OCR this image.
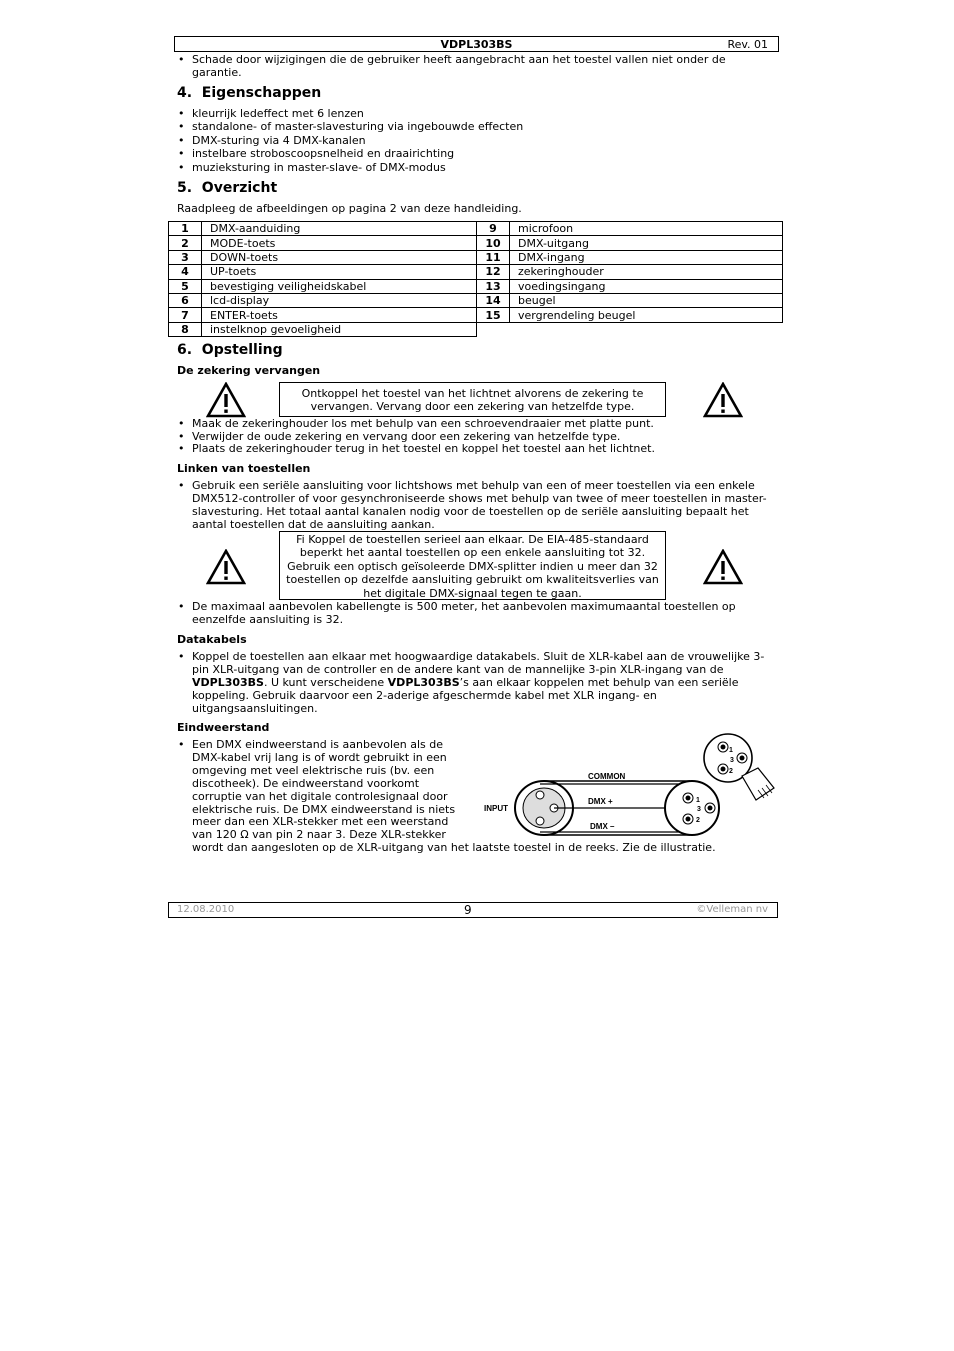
VDPL303BS	Rev. 01
• Schade door wijzigingen die de gebruiker heeft aangebracht aan het toestel vallen niet onder de garantie.
4.  Eigenschappen
• kleurrijk ledeffect met 6 lenzen
• standalone- of master-slavesturing via ingebouwde effecten
• DMX-sturing via 4 DMX-kanalen
• instelbare stroboscoopsnelheid en draairichting
• muzieksturing in master-slave- of DMX-modus
5.  Overzicht
Raadpleeg de afbeeldingen op pagina 2 van deze handleiding.
1	DMX-aanduiding
2	MODE-toets
3	DOWN-toets
4	UP-toets
5	bevestiging veiligheidskabel
6	lcd-display
7	ENTER-toets
8	instelknop gevoeligheid
9	microfoon
10	DMX-uitgang
11	DMX-ingang
12	zekeringhouder
13	voedingsingang
14	beugel
15	vergrendeling beugel
6.  Opstelling
De zekering vervangen
Ontkoppel het toestel van het lichtnet alvorens de zekering te vervangen. Vervang door een zekering van hetzelfde type.
• Maak de zekeringhouder los met behulp van een schroevendraaier met platte punt.
• Verwijder de oude zekering en vervang door een zekering van hetzelfde type.
• Plaats de zekeringhouder terug in het toestel en koppel het toestel aan het lichtnet.
Linken van toestellen
• Gebruik een seriële aansluiting voor lichtshows met behulp van een of meer toestellen via een enkele DMX512-controller of voor gesynchroniseerde shows met behulp van twee of meer toestellen in master-slavesturing. Het totaal aantal kanalen nodig voor de toestellen op de seriële aansluiting bepaalt het aantal toestellen dat de aansluiting aankan.
Fi Koppel de toestellen serieel aan elkaar. De EIA-485-standaard beperkt het aantal toestellen op een enkele aansluiting tot 32. Gebruik een optisch geïsoleerde DMX-splitter indien u meer dan 32 toestellen op dezelfde aansluiting gebruikt om kwaliteitsverlies van het digitale DMX-signaal tegen te gaan.
• De maximaal aanbevolen kabellengte is 500 meter, het aanbevolen maximumaantal toestellen op eenzelfde aansluiting is 32.
Datakabels
• Koppel de toestellen aan elkaar met hoogwaardige datakabels. Sluit de XLR-kabel aan de vrouwelijke 3-pin XLR-uitgang van de controller en de andere kant van de mannelijke 3-pin XLR-ingang van de VDPL303BS. U kunt verscheidene VDPL303BS’s aan elkaar koppelen met behulp van een seriële koppeling. Gebruik daarvoor een 2-aderige afgeschermde kabel met XLR ingang- en uitgangsaansluitingen.
Eindweerstand
• Een DMX eindweerstand is aanbevolen als de
DMX-kabel vrij lang is of wordt gebruikt in een
omgeving met veel elektrische ruis (bv. een
discotheek). De eindweerstand voorkomt
corruptie van het digitale controlesignaal door
elektrische ruis. De DMX eindweerstand is niets
meer dan een XLR-stekker met een weerstand
van 120 Ω van pin 2 naar 3. Deze XLR-stekker
wordt dan aangesloten op de XLR-uitgang van het laatste toestel in de reeks. Zie de illustratie.
COMMON
INPUT
DMX +
DMX –
1
3
2
1
3
2
12.08.2010	9	©Velleman nv
